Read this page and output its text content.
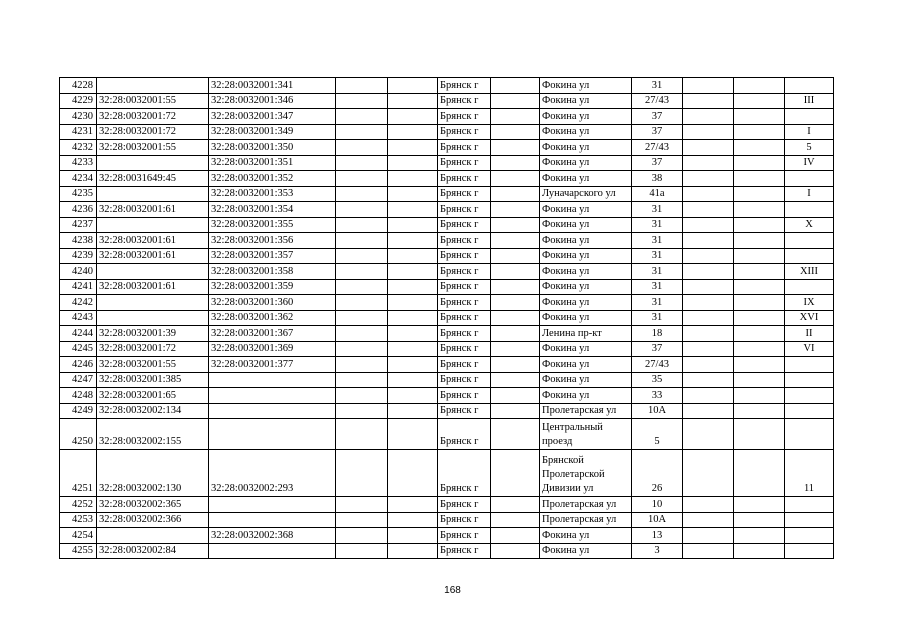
4228		32:28:0032001:341			Брянск г		Фокина ул	31			
4229	32:28:0032001:55	32:28:0032001:346			Брянск г		Фокина ул	27/43			III
4230	32:28:0032001:72	32:28:0032001:347			Брянск г		Фокина ул	37			
4231	32:28:0032001:72	32:28:0032001:349			Брянск г		Фокина ул	37			I
4232	32:28:0032001:55	32:28:0032001:350			Брянск г		Фокина ул	27/43			5
4233		32:28:0032001:351			Брянск г		Фокина ул	37			IV
4234	32:28:0031649:45	32:28:0032001:352			Брянск г		Фокина ул	38			
4235		32:28:0032001:353			Брянск г		Луначарского ул	41а			I
4236	32:28:0032001:61	32:28:0032001:354			Брянск г		Фокина ул	31			
4237		32:28:0032001:355			Брянск г		Фокина ул	31			X
4238	32:28:0032001:61	32:28:0032001:356			Брянск г		Фокина ул	31			
4239	32:28:0032001:61	32:28:0032001:357			Брянск г		Фокина ул	31			
4240		32:28:0032001:358			Брянск г		Фокина ул	31			XIII
4241	32:28:0032001:61	32:28:0032001:359			Брянск г		Фокина ул	31			
4242		32:28:0032001:360			Брянск г		Фокина ул	31			IX
4243		32:28:0032001:362			Брянск г		Фокина ул	31			XVI
4244	32:28:0032001:39	32:28:0032001:367			Брянск г		Ленина пр-кт	18			II
4245	32:28:0032001:72	32:28:0032001:369			Брянск г		Фокина ул	37			VI
4246	32:28:0032001:55	32:28:0032001:377			Брянск г		Фокина ул	27/43			
4247	32:28:0032001:385				Брянск г		Фокина ул	35			
4248	32:28:0032001:65				Брянск г		Фокина ул	33			
4249	32:28:0032002:134				Брянск г		Пролетарская ул	10А			
4250	32:28:0032002:155				Брянск г		Центральный проезд	5			
4251	32:28:0032002:130	32:28:0032002:293			Брянск г		Брянской Пролетарской Дивизии ул	26			11
4252	32:28:0032002:365				Брянск г		Пролетарская ул	10			
4253	32:28:0032002:366				Брянск г		Пролетарская ул	10А			
4254		32:28:0032002:368			Брянск г		Фокина ул	13			
4255	32:28:0032002:84				Брянск г		Фокина ул	3			
168
